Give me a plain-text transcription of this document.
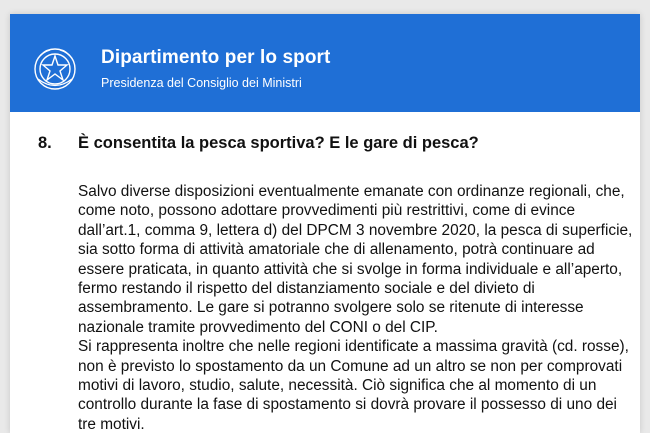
Dipartimento per lo sport
Presidenza del Consiglio dei Ministri
8.	È consentita la pesca sportiva? E le gare di pesca?

Salvo diverse disposizioni eventualmente emanate con ordinanze regionali, che, come noto, possono adottare provvedimenti più restrittivi, come di evince dall’art.1, comma 9, lettera d) del DPCM 3 novembre 2020, la pesca di superficie, sia sotto forma di attività amatoriale che di allenamento, potrà continuare ad essere praticata, in quanto attività che si svolge in forma individuale e all’aperto, fermo restando il rispetto del distanziamento sociale e del divieto di assembramento. Le gare si potranno svolgere solo se ritenute di interesse nazionale tramite provvedimento del CONI o del CIP.

Si rappresenta inoltre che nelle regioni identificate a massima gravità (cd. rosse), non è previsto lo spostamento da un Comune ad un altro se non per comprovati motivi di lavoro, studio, salute, necessità. Ciò significa che al momento di un controllo durante la fase di spostamento si dovrà provare il possesso di uno dei tre motivi.
